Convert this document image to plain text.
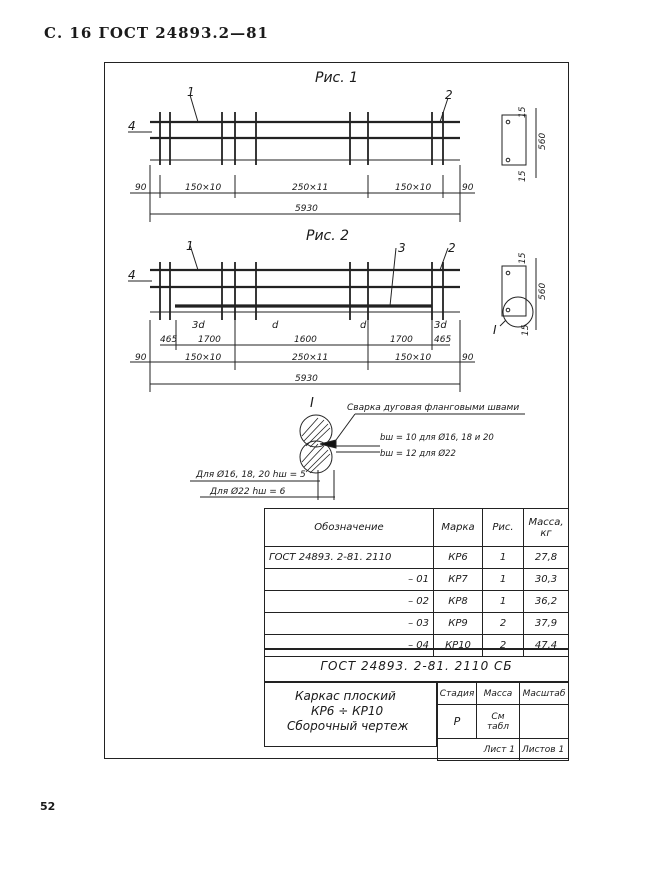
С. 16 ГОСТ 24893.2—81
52
Рис. 1
1	2
4
90	150×10	250×11	150×10	90
5930
15
560
15
Рис. 2
1	3	2
4
3d	d	d	3d
465 1700	1600	1700 465
90	150×10	250×11	150×10	90
5930
15
560
15
I
I	Сварка дуговая фланговыми швами
bш = 10 для Ø16, 18 и 20
bш = 12 для Ø22
Для Ø16, 18, 20 hш = 5
Для Ø22 hш = 6
Обозначение	Марка	Рис.	Масса, кг
ГОСТ 24893. 2-81. 2110	КР6	1	27,8
– 01	КР7	1	30,3
– 02	КР8	1	36,2
– 03	КР9	2	37,9
– 04	КР10	2	47,4
ГОСТ 24893. 2-81. 2110 СБ
Каркас плоский
КР6 ÷ КР10
Сборочный чертеж
Стадия	Масса	Масштаб
Р	См табл	
Лист 1		Листов 1
